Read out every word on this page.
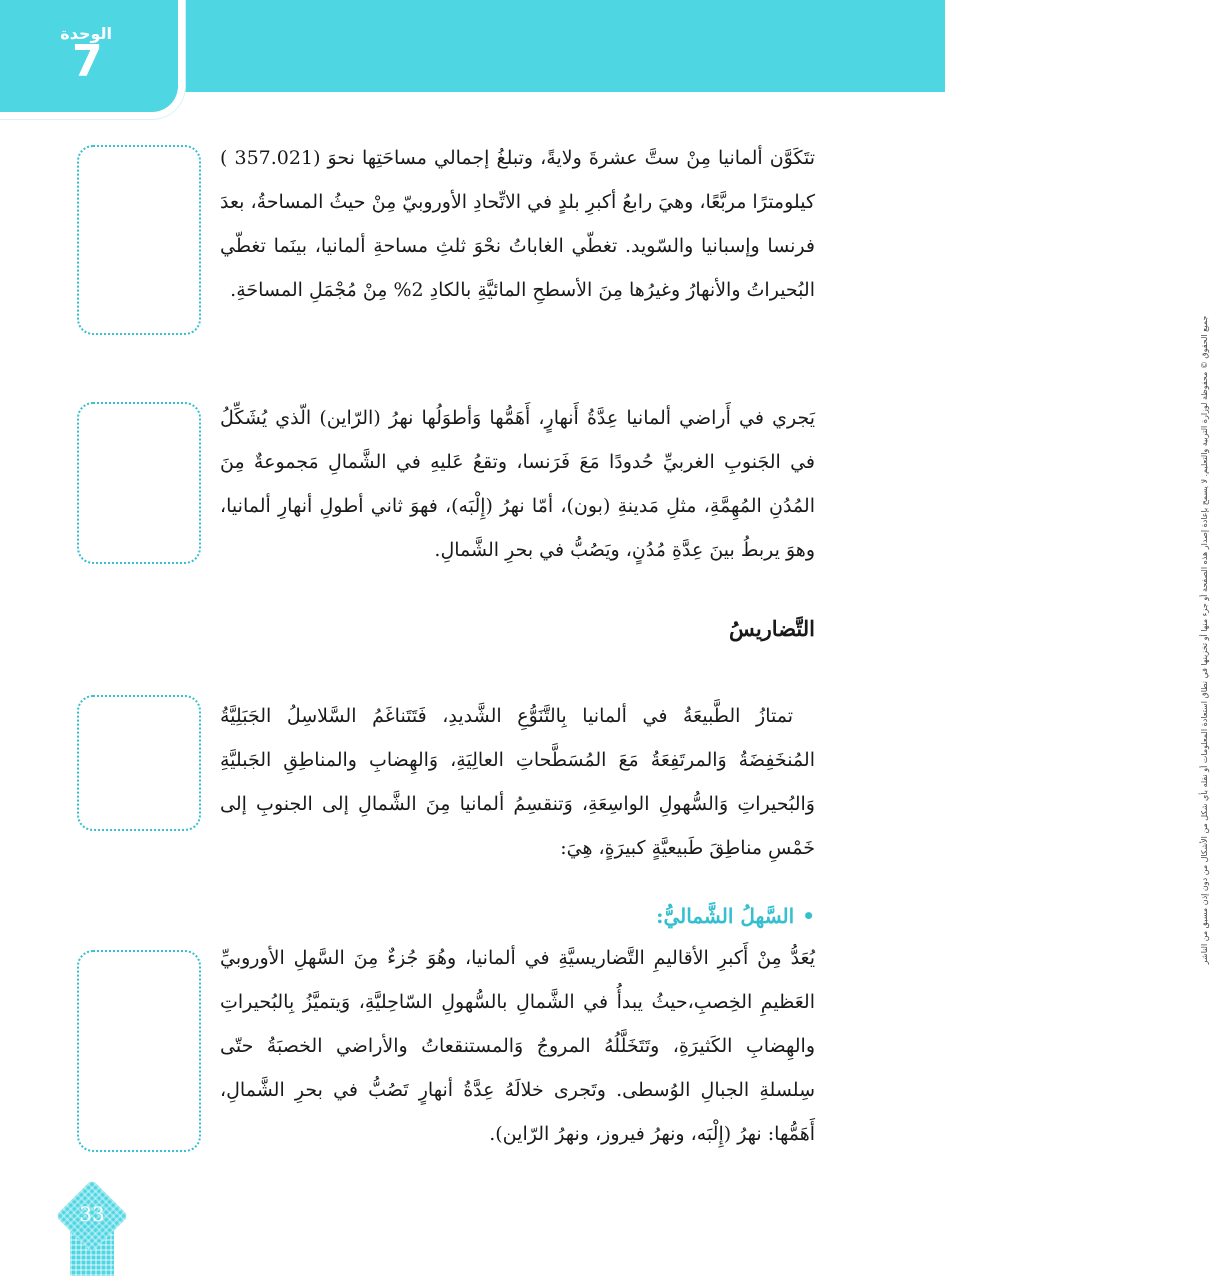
الوحدة
7
جميع الحقوق © محفوظة لوزارة التربية والتعليم. لا يسمح بإعادة إصدار هذه الصفحة أو جزء منها أو تخزينها في نطاق استعادة المعلومات أو نقله بأي شكل من الأشكال من دون إذن مسبق من الناشر

تتَكَوَّن ألمانيا مِنْ ستَّ عشرةَ ولايةً، وتبلغُ إجمالي مساحَتِها نحوَ (357.021 ) كيلومترًا مربَّعًا، وهيَ رابعُ أكبرِ بلدٍ في الاتِّحادِ الأوروبيّ مِنْ حيثُ المساحةُ، بعدَ فرنسا وإسبانيا والسّويد. تغطّي الغاباتُ نحْوَ ثلثِ مساحةِ ألمانيا، بينَما تغطّي البُحيراتُ والأنهارُ وغيرُها مِنَ الأسطحِ المائيَّةِ بالكادِ 2% مِنْ مُجْمَلِ المساحَةِ.

يَجري في أَراضي ألمانيا عِدَّةُ أَنهارٍ، أَهَمُّها وَأطوَلُها نهرُ (الرّاين) الّذي يُشَكِّلُ في الجَنوبِ الغربيِّ حُدودًا مَعَ فَرَنسا، وتقعُ عَليهِ في الشَّمالِ مَجموعةٌ مِنَ المُدُنِ المُهِمَّةِ، مثلِ مَدينةِ (بون)، أمّا نهرُ (إِلْبَه)، فهوَ ثاني أطولِ أنهارِ ألمانيا، وهوَ يربطُ بينَ عِدَّةِ مُدُنٍ، ويَصُبُّ في بحرِ الشَّمالِ.

التَّضاريسُ

تمتازُ الطَّبيعَةُ في ألمانيا بِالتَّنَوُّعِ الشَّديدِ، فَتَتَناغَمُ السَّلاسِلُ الجَبَلِيَّةُ المُنخَفِضَةُ وَالمرتَفِعَةُ مَعَ المُسَطَّحاتِ العالِيَةِ، وَالهِضابِ والمناطِقِ الجَبليَّةِ وَالبُحيراتِ وَالسُّهولِ الواسِعَةِ، وَتنقسِمُ ألمانيا مِنَ الشَّمالِ إلى الجنوبِ إلى خَمْسِ مناطِقَ طَبيعيَّةٍ كبيرَةٍ، هِيَ:

•السَّهلُ الشَّماليُّ:

يُعَدُّ مِنْ أَكبرِ الأقاليمِ التَّضاريسيَّةِ في ألمانيا، وهُوَ جُزءٌ مِنَ السَّهلِ الأوروبيِّ العَظيمِ الخِصبِ،حيثُ يبدأُ في الشَّمالِ بالسُّهولِ السّاحِليَّةِ، وَيتميَّزُ بِالبُحيراتِ والهِضابِ الكَثيرَةِ، وتَتَخَلَّلُهُ المروجُ وَالمستنقعاتُ والأراضي الخصبَةُ حتّى سِلسلةِ الجبالِ الوُسطى. وتَجرى خلالَهُ عِدَّةُ أنهارٍ تَصُبُّ في بحرِ الشَّمالِ، أَهَمُّها: نهرُ (إِلْبَه، ونهرُ فيروز، ونهرُ الرّاين).

33
